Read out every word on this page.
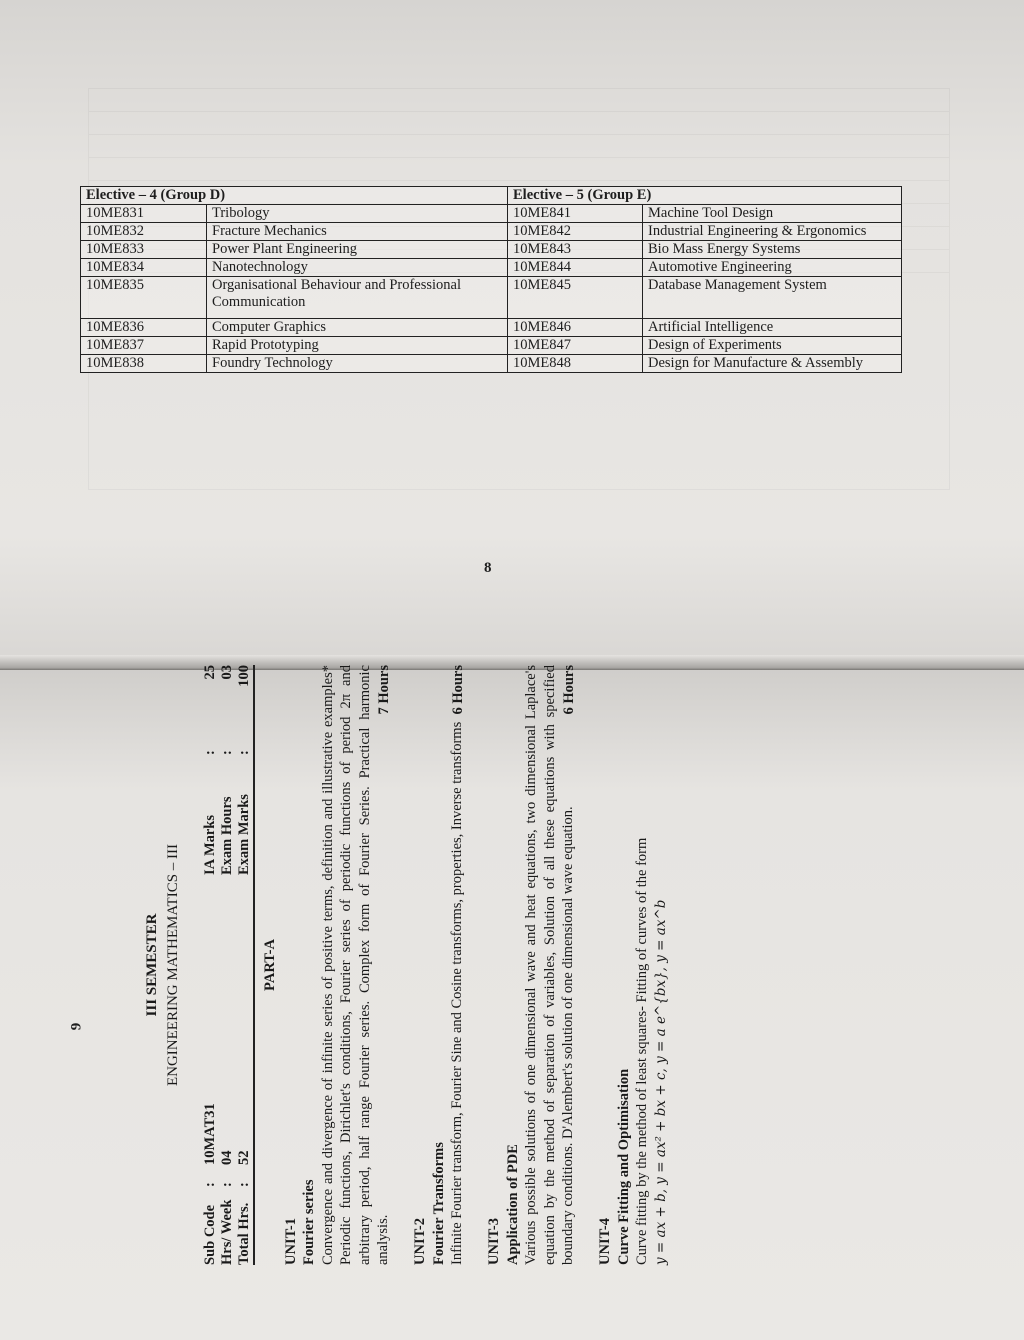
Elective – 4 (Group D)		Elective – 5 (Group E)	
10ME831	Tribology	10ME841	Machine Tool Design
10ME832	Fracture Mechanics	10ME842	Industrial Engineering & Ergonomics
10ME833	Power Plant Engineering	10ME843	Bio Mass Energy Systems
10ME834	Nanotechnology	10ME844	Automotive Engineering
10ME835	Organisational Behaviour and Professional Communication	10ME845	Database Management System
10ME836	Computer Graphics	10ME846	Artificial Intelligence
10ME837	Rapid Prototyping	10ME847	Design of Experiments
10ME838	Foundry Technology	10ME848	Design for Manufacture & Assembly
8
III SEMESTER ENGINEERING MATHEMATICS – III
Sub Code	:	10MAT31	IA Marks	:	25
Hrs/ Week	:	04	Exam Hours	:	03
Total Hrs.	:	52	Exam Marks	:	100
PART-A
UNIT-1 Fourier series Convergence and divergence of infinite series of positive terms, definition and illustrative examples* Periodic functions, Dirichlet's conditions, Fourier series of periodic functions of period 2π and arbitrary period, half range Fourier series. Complex form of Fourier Series. Practical harmonic analysis.

7 Hours
UNIT-2 Fourier Transforms Infinite Fourier transform, Fourier Sine and Cosine transforms, properties, Inverse transforms

6 Hours
UNIT-3 Application of PDE Various possible solutions of one dimensional wave and heat equations, two dimensional Laplace's equation by the method of separation of variables, Solution of all these equations with specified boundary conditions. D'Alembert's solution of one dimensional wave equation.

6 Hours
UNIT-4 Curve Fitting and Optimisation Curve fitting by the method of least squares- Fitting of curves of the form y = ax + b, y = ax² + bx + c, y = a e^{bx}, y = ax^b
9
